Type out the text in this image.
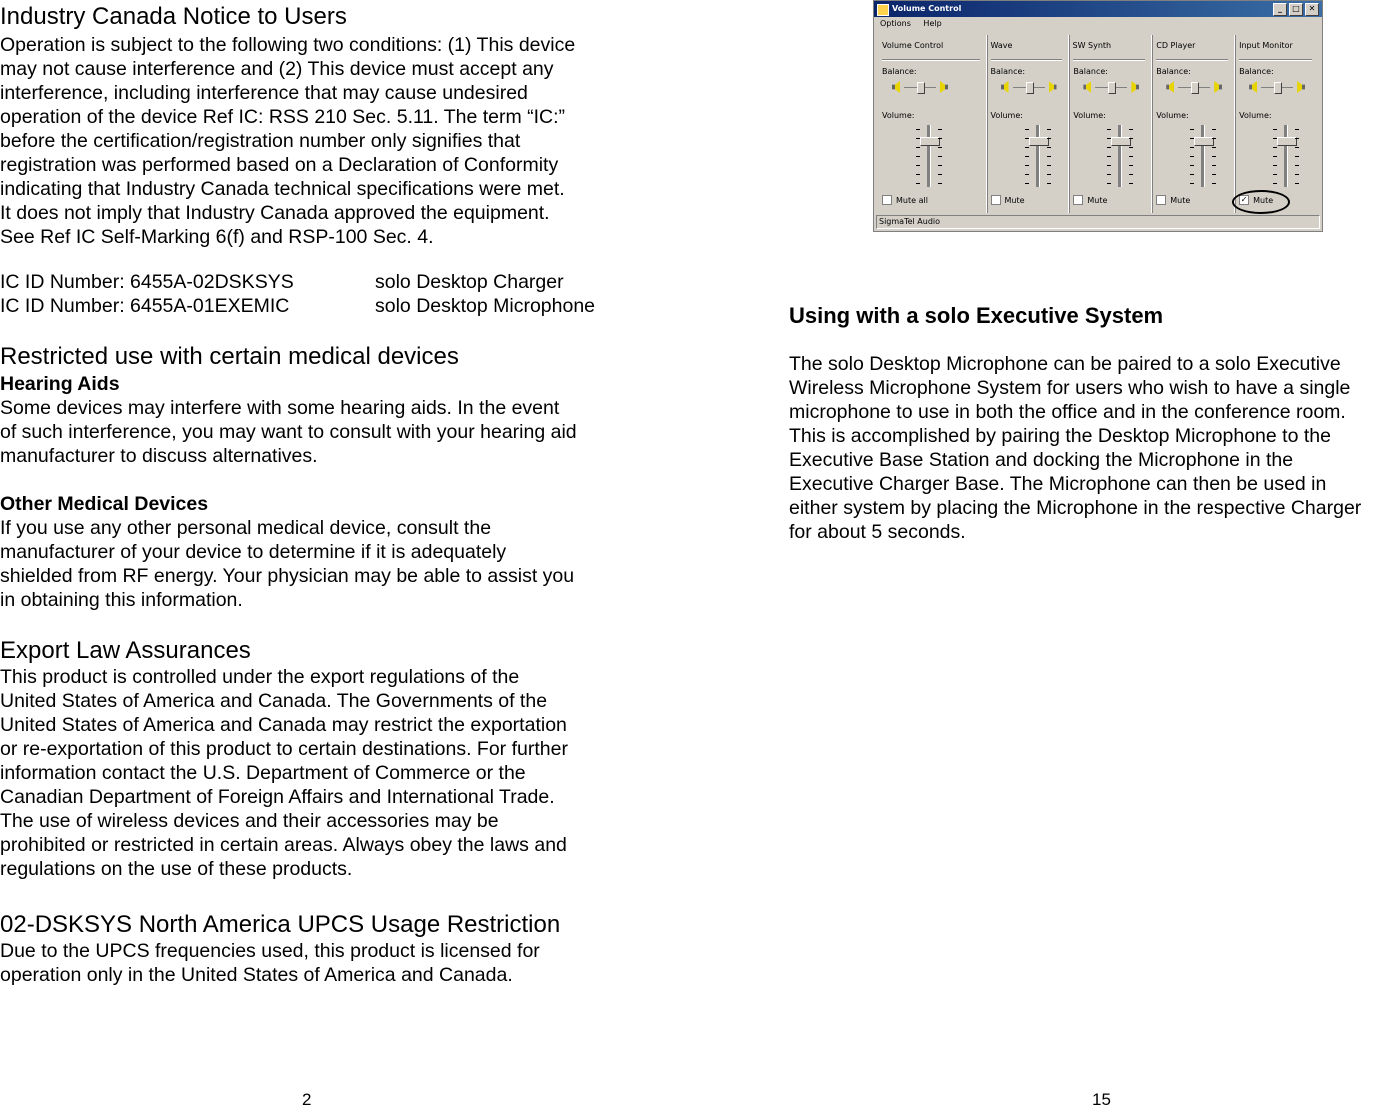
Industry Canada Notice to Users

Operation is subject to the following two conditions: (1) This device
may not cause interference and (2) This device must accept any
interference, including interference that may cause undesired
operation of the device Ref IC: RSS 210 Sec. 5.11. The term “IC:”
before the certification/registration number only signifies that
registration was performed based on a Declaration of Conformity
indicating that Industry Canada technical specifications were met.
It does not imply that Industry Canada approved the equipment.
See Ref IC Self-Marking 6(f) and RSP-100 Sec. 4.

IC ID Number: 6455A-02DSKSYS	solo Desktop Charger
IC ID Number: 6455A-01EXEMIC	solo Desktop Microphone
Restricted use with certain medical devices
Hearing Aids

Some devices may interfere with some hearing aids. In the event
of such interference, you may want to consult with your hearing aid
manufacturer to discuss alternatives.

Other Medical Devices

If you use any other personal medical device, consult the
manufacturer of your device to determine if it is adequately
shielded from RF energy. Your physician may be able to assist you
in obtaining this information.

Export Law Assurances

This product is controlled under the export regulations of the
United States of America and Canada. The Governments of the
United States of America and Canada may restrict the exportation
or re-exportation of this product to certain destinations. For further
information contact the U.S. Department of Commerce or the
Canadian Department of Foreign Affairs and International Trade.
The use of wireless devices and their accessories may be
prohibited or restricted in certain areas. Always obey the laws and
regulations on the use of these products.

02-DSKSYS North America UPCS Usage Restriction

Due to the UPCS frequencies used, this product is licensed for
operation only in the United States of America and Canada.

2
Volume Control	_	□	✕
Options Help
Volume Control
Balance:
Volume:
Mute all
Wave	SW Synth
Balance:
Volume:
Mute
Balance:
Volume:
Mute
CD Player
Balance:
Volume:
Mute
Input Monitor
Balance:
Volume:
✓ Mute
SigmaTel Audio
Using with a solo Executive System

The solo Desktop Microphone can be paired to a solo Executive
Wireless Microphone System for users who wish to have a single
microphone to use in both the office and in the conference room.
This is accomplished by pairing the Desktop Microphone to the
Executive Base Station and docking the Microphone in the
Executive Charger Base. The Microphone can then be used in
either system by placing the Microphone in the respective Charger
for about 5 seconds.

15
